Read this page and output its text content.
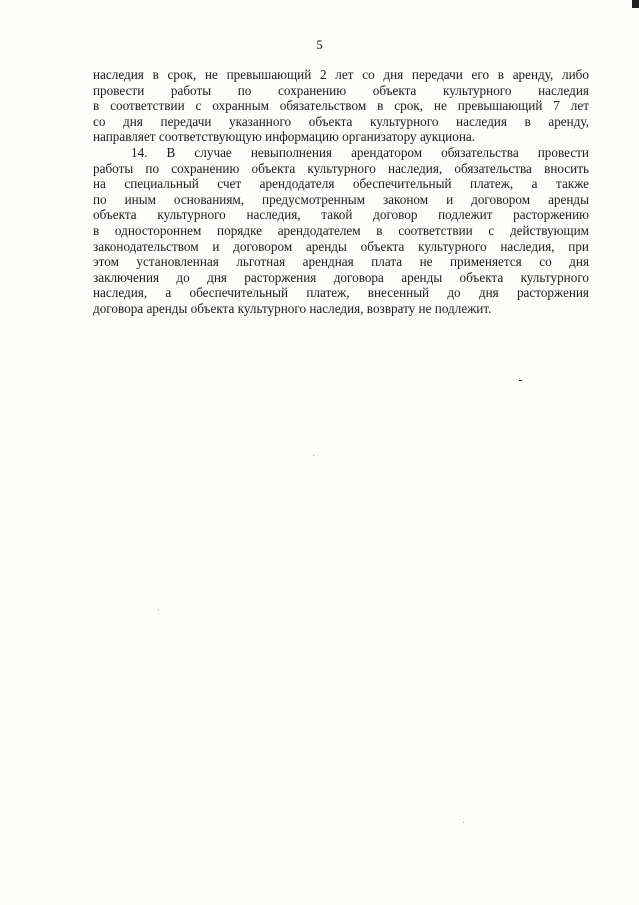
5
наследия в срок, не превышающий 2 лет со дня передачи его в аренду, либо
провести работы по сохранению объекта культурного наследия
в соответствии с охранным обязательством в срок, не превышающий 7 лет
со дня передачи указанного объекта культурного наследия в аренду,
направляет соответствующую информацию организатору аукциона.
14. В случае невыполнения арендатором обязательства провести
работы по сохранению объекта культурного наследия, обязательства вносить
на специальный счет арендодателя обеспечительный платеж, а также
по иным основаниям, предусмотренным законом и договором аренды
объекта культурного наследия, такой договор подлежит расторжению
в одностороннем порядке арендодателем в соответствии с действующим
законодательством и договором аренды объекта культурного наследия, при
этом установленная льготная арендная плата не применяется со дня
заключения до дня расторжения договора аренды объекта культурного
наследия, а обеспечительный платеж, внесенный до дня расторжения
договора аренды объекта культурного наследия, возврату не подлежит.
